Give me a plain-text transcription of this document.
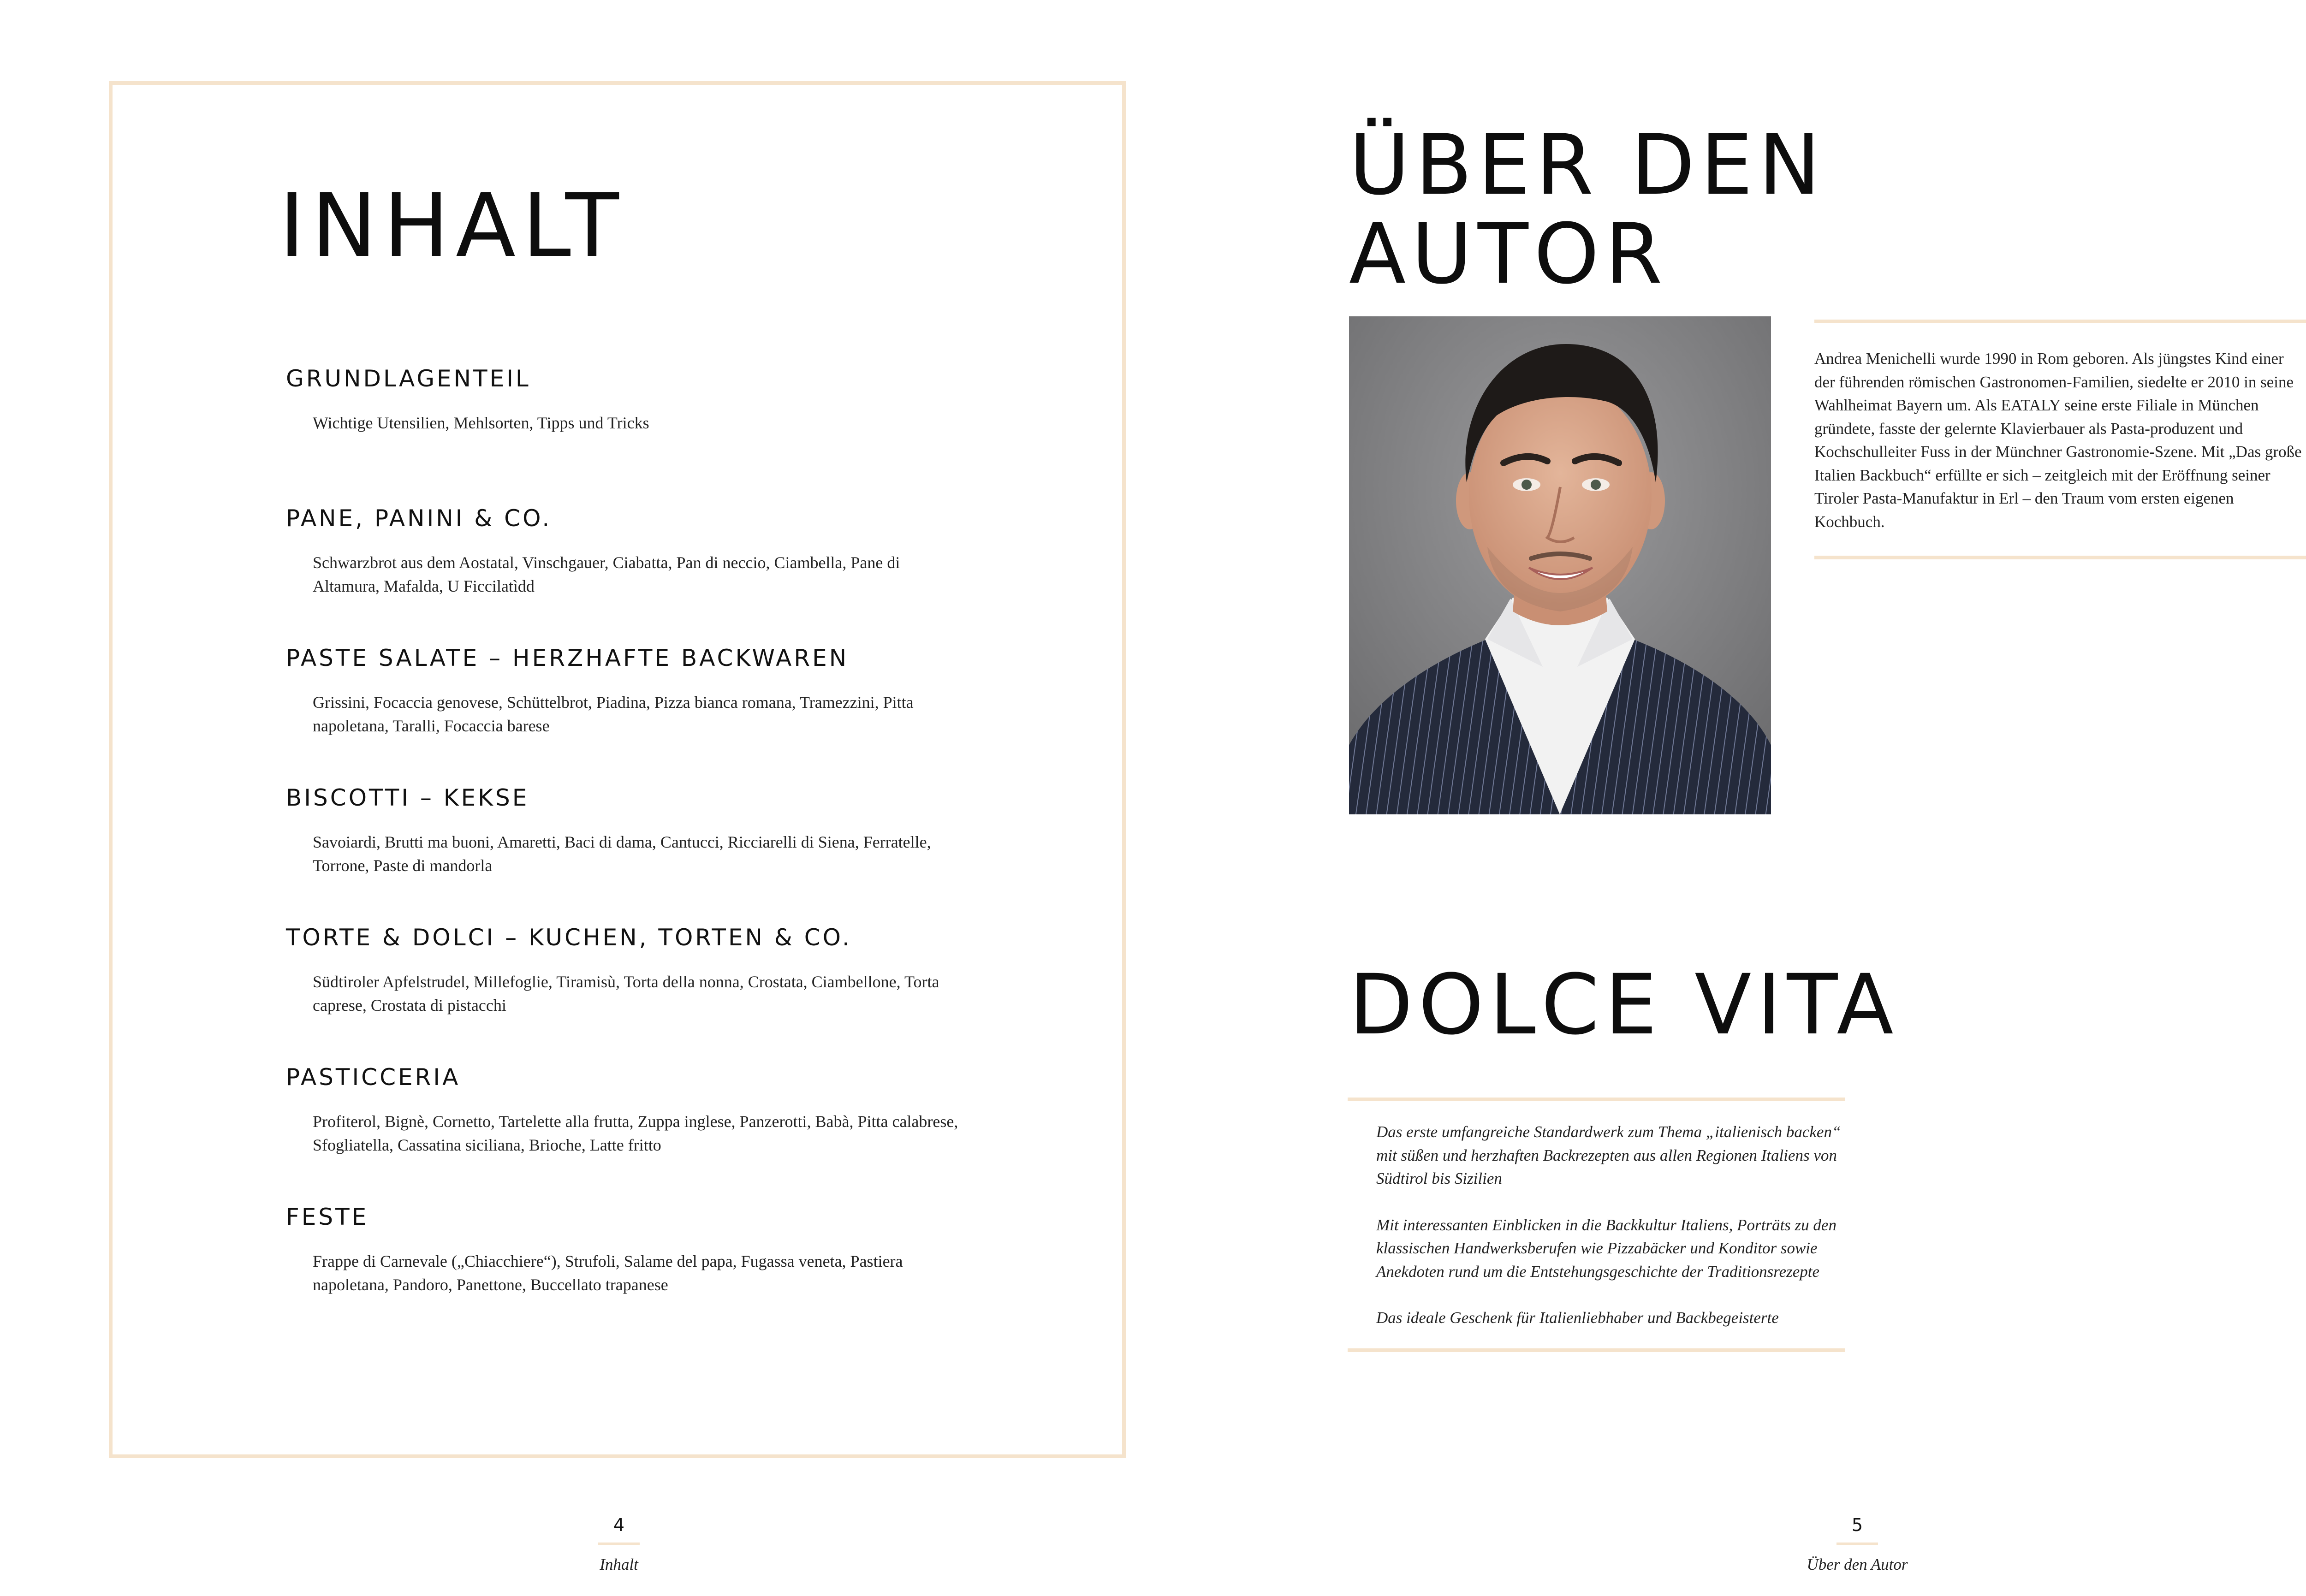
INHALT
GRUNDLAGENTEIL
Wichtige Utensilien, Mehlsorten, Tipps und Tricks
PANE, PANINI & CO.
Schwarzbrot aus dem Aostatal, Vinschgauer, Ciabatta, Pan di neccio, Ciambella, Pane di Altamura, Mafalda, U Ficcilatìdd
PASTE SALATE – HERZHAFTE BACKWAREN
Grissini, Focaccia genovese, Schüttelbrot, Piadina, Pizza bianca romana, Tramezzini, Pitta napoletana, Taralli, Focaccia barese
BISCOTTI – KEKSE
Savoiardi, Brutti ma buoni, Amaretti, Baci di dama, Cantucci, Ricciarelli di Siena, Ferratelle, Torrone, Paste di mandorla
TORTE & DOLCI – KUCHEN, TORTEN & CO.
Südtiroler Apfelstrudel, Millefoglie, Tiramisù, Torta della nonna, Crostata, Ciambellone, Torta caprese, Crostata di pistacchi
PASTICCERIA
Profiterol, Bignè, Cornetto, Tartelette alla frutta, Zuppa inglese, Panzerotti, Babà, Pitta calabrese, Sfogliatella, Cassatina siciliana, Brioche, Latte fritto
FESTE
Frappe di Carnevale („Chiacchiere“), Strufoli, Salame del papa, Fugassa veneta, Pastiera napoletana, Pandoro, Panettone, Buccellato trapanese
4
Inhalt
ÜBER DEN
AUTOR

Andrea Menichelli wurde 1990 in Rom geboren. Als jüngstes Kind einer der führenden römischen Gastronomen-Familien, siedelte er 2010 in seine Wahlheimat Bayern um. Als EATALY seine erste Filiale in München gründete, fasste der gelernte Klavierbauer als Pasta-produzent und Kochschulleiter Fuss in der Münchner Gastronomie-Szene. Mit „Das große Italien Backbuch“ erfüllte er sich – zeitgleich mit der Eröffnung seiner Tiroler Pasta-Manufaktur in Erl – den Traum vom ersten eigenen Kochbuch.

DOLCE VITA

Das erste umfangreiche Standardwerk zum Thema „italienisch backen“ mit süßen und herzhaften Backrezepten aus allen Regionen Italiens von Südtirol bis Sizilien

Mit interessanten Einblicken in die Backkultur Italiens, Porträts zu den klassischen Handwerksberufen wie Pizzabäcker und Konditor sowie Anekdoten rund um die Entstehungsgeschichte der Traditionsrezepte

Das ideale Geschenk für Italienliebhaber und Backbegeisterte

5
Über den Autor
